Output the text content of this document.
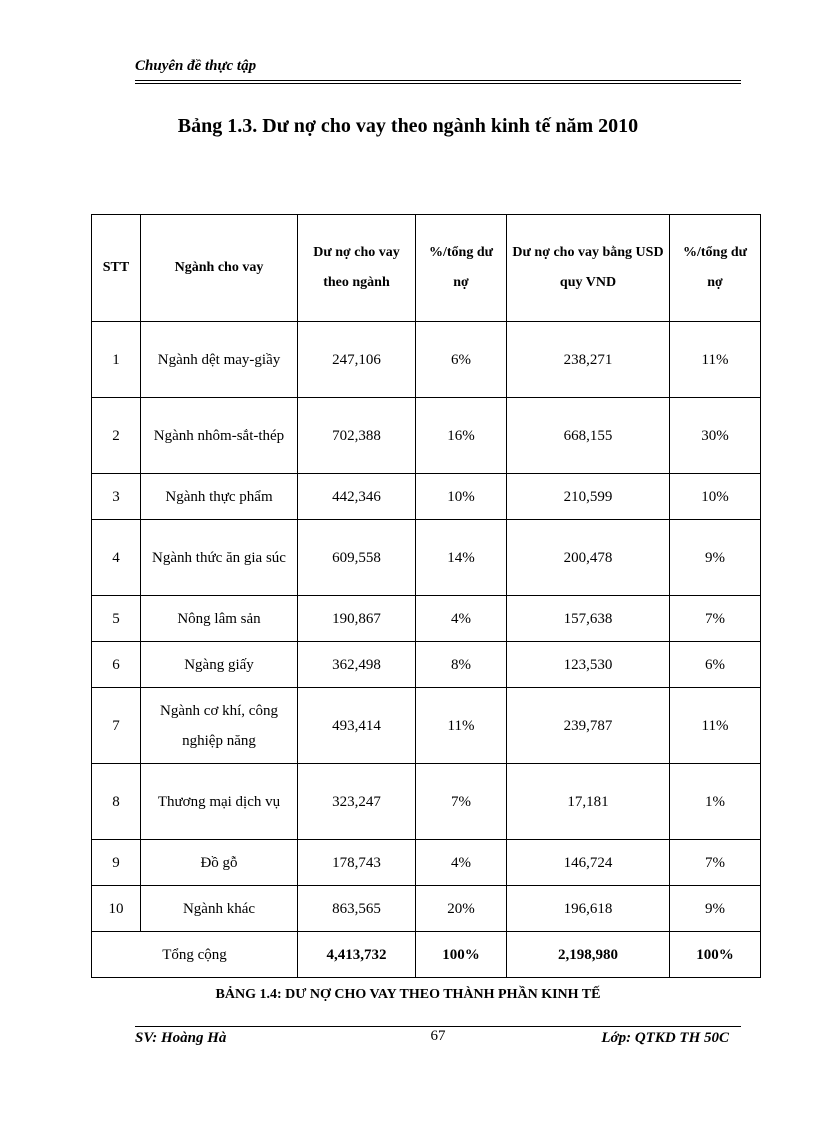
Chuyên đề thực tập
Bảng 1.3. Dư nợ cho vay theo ngành kinh tế năm 2010
STT	Ngành cho vay	Dư nợ cho vay theo ngành	%/tổng dư nợ	Dư nợ cho vay bằng USD quy VND	%/tổng dư nợ
1	Ngành dệt may-giầy	247,106	6%	238,271	11%
2	Ngành nhôm-sắt-thép	702,388	16%	668,155	30%
3	Ngành thực phẩm	442,346	10%	210,599	10%
4	Ngành thức ăn gia súc	609,558	14%	200,478	9%
5	Nông lâm sản	190,867	4%	157,638	7%
6	Ngàng giấy	362,498	8%	123,530	6%
7	Ngành cơ khí, công nghiệp năng	493,414	11%	239,787	11%
8	Thương mại dịch vụ	323,247	7%	17,181	1%
9	Đồ gỗ	178,743	4%	146,724	7%
10	Ngành khác	863,565	20%	196,618	9%
Tổng cộng		4,413,732	100%	2,198,980	100%
BẢNG 1.4: DƯ NỢ CHO VAY THEO THÀNH PHẦN KINH TẾ
SV: Hoàng Hà	67	Lớp: QTKD TH 50C
